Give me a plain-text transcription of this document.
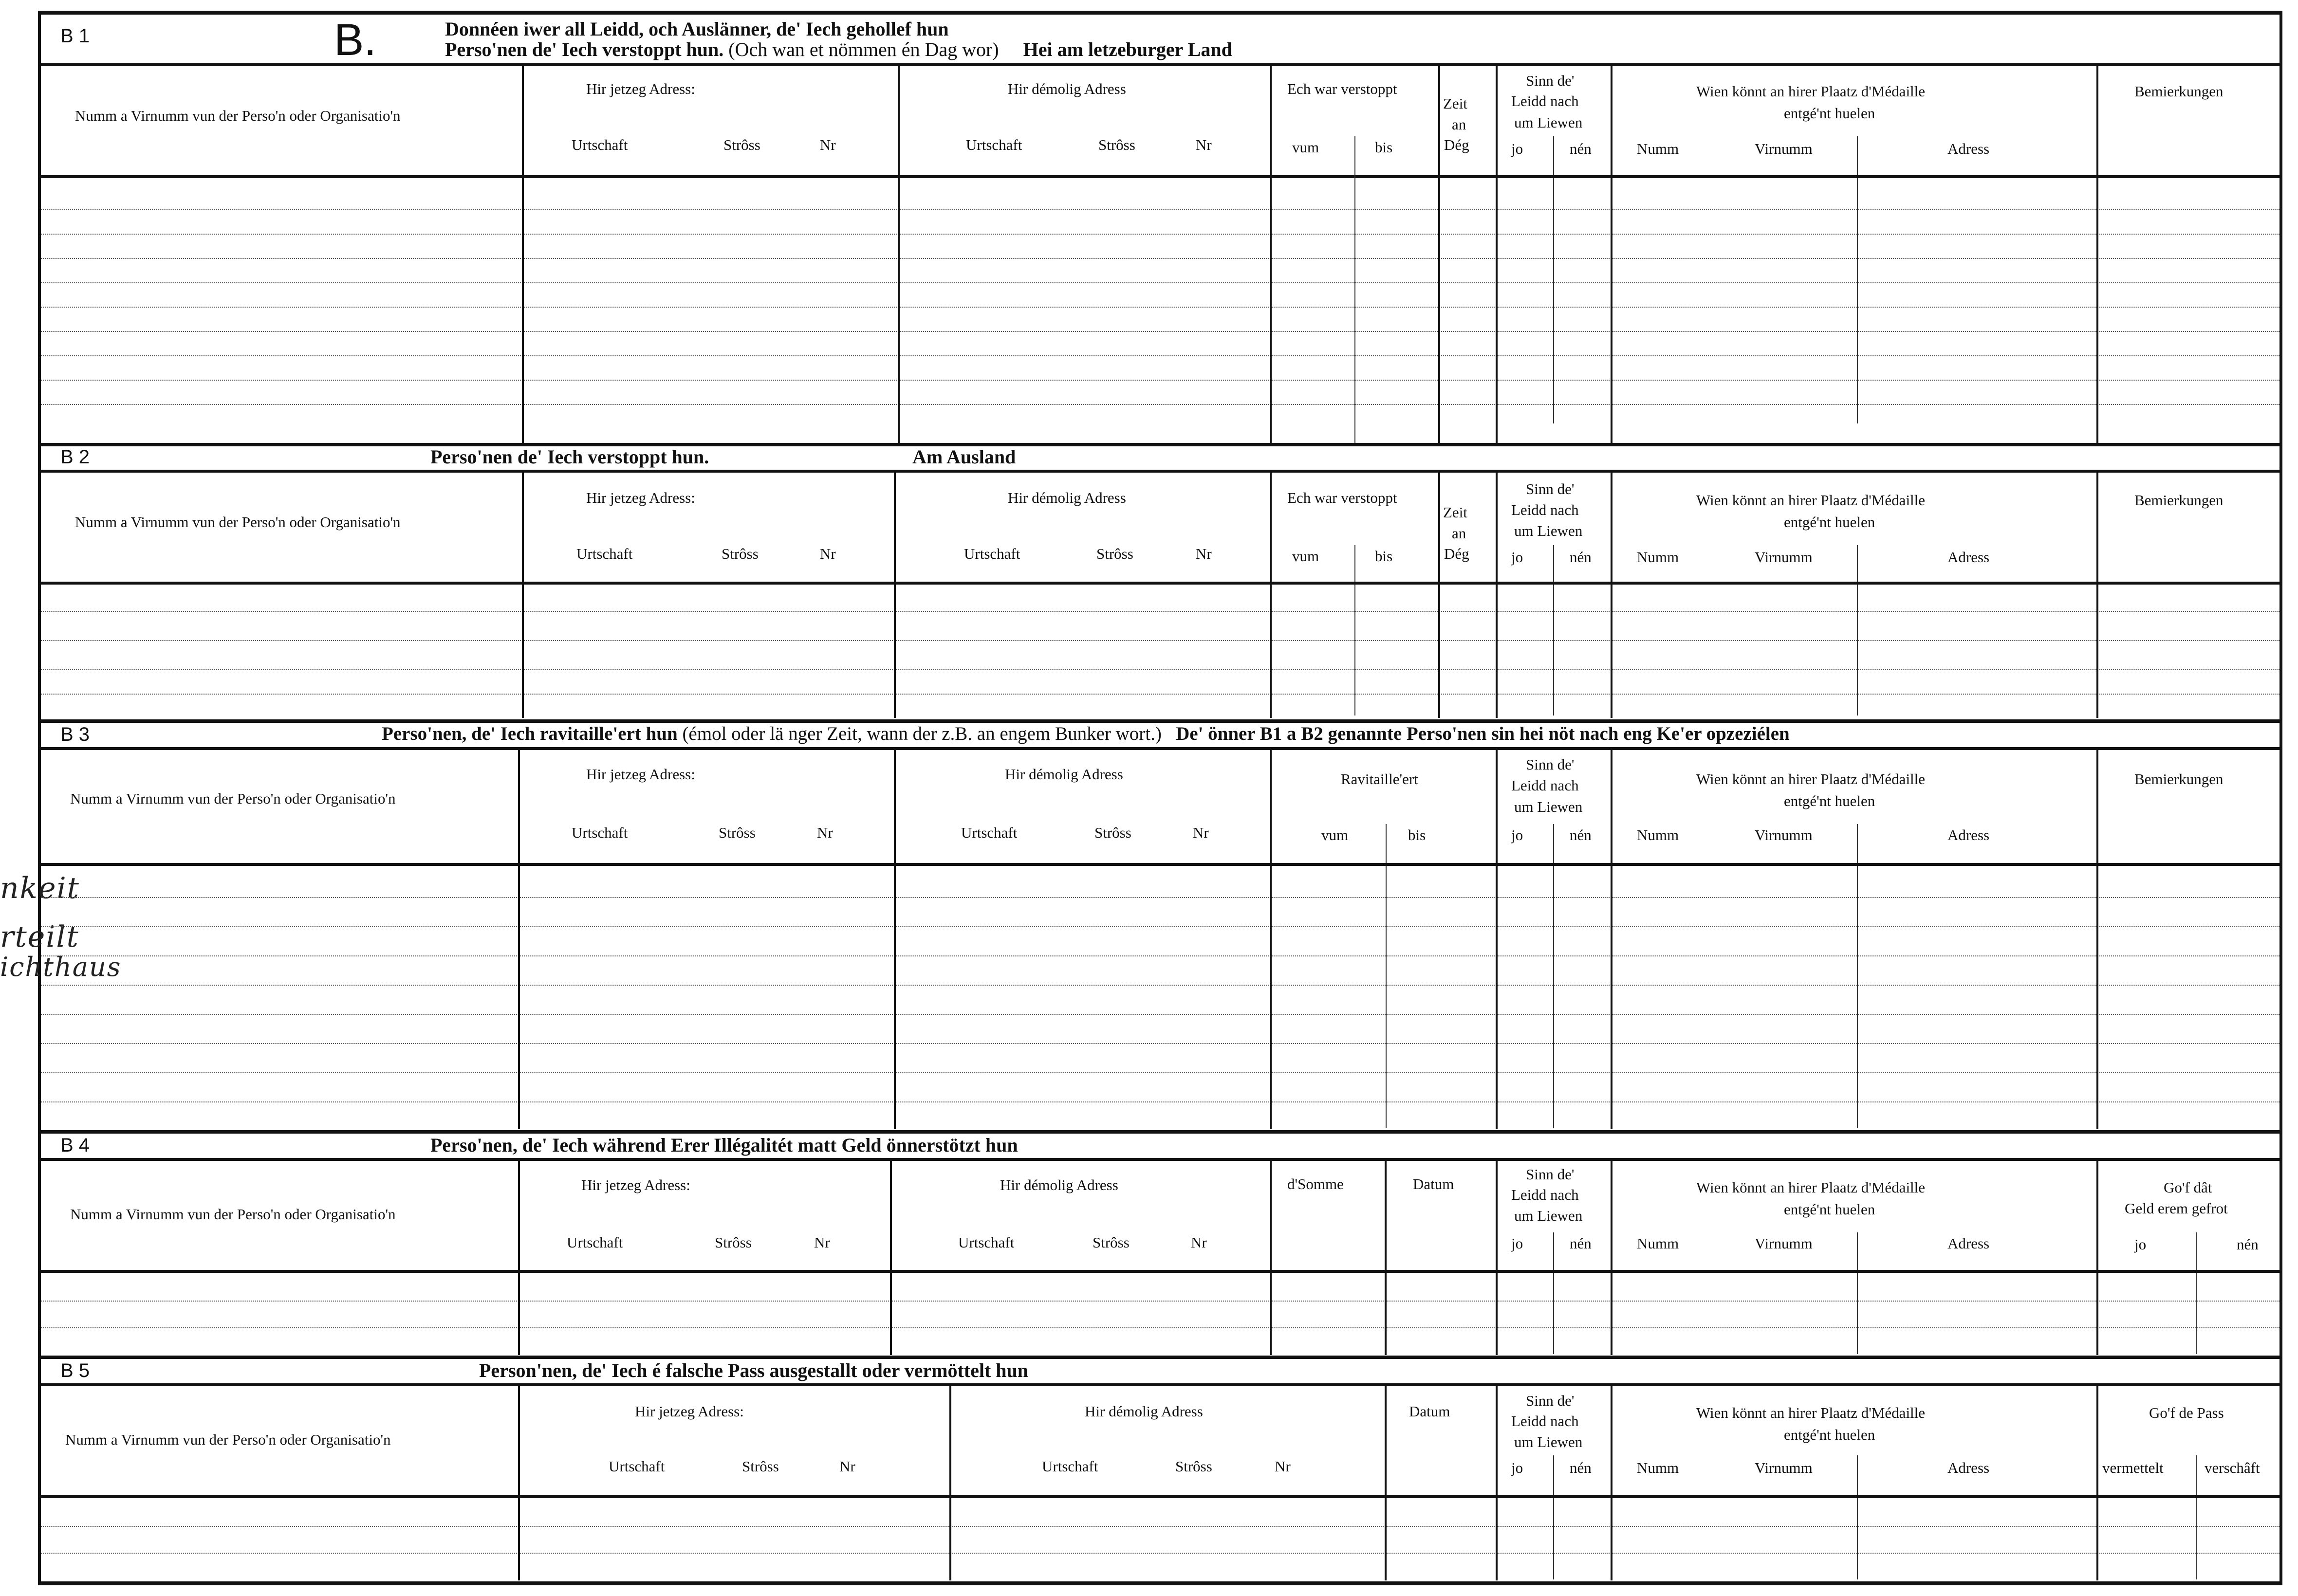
nkeit
rteilt
ichthaus
B 1	B.	Donnéen iwer all Leidd, och Auslänner, de' Iech gehollef hun
Perso'nen de' Iech verstoppt hun. (Och wan et nömmen én Dag wor) Hei am letzeburger Land
Numm a Virnumm vun der Perso'n oder Organisatio'n
Hir jetzeg Adress:
Urtschaft	Strôss	Nr
Hir démolig Adress
Urtschaft	Strôss	Nr
Ech war verstoppt
vum	bis
Zeit
an
Dég
Sinn de'
Leidd nach
um Liewen
jo	nén
Wien könnt an hirer Plaatz d'Médaille
entgé'nt huelen
Numm	Virnumm	Adress
Bemierkungen
B 2	Perso'nen de' Iech verstoppt hun.	Am Ausland
Numm a Virnumm vun der Perso'n oder Organisatio'n
Hir jetzeg Adress:
Urtschaft	Strôss	Nr
Hir démolig Adress
Urtschaft	Strôss	Nr
Ech war verstoppt
vum	bis
Zeit
an
Dég
Sinn de'
Leidd nach
um Liewen
jo	nén
Wien könnt an hirer Plaatz d'Médaille
entgé'nt huelen
Numm	Virnumm	Adress
Bemierkungen
B 3	Perso'nen, de' Iech ravitaille'ert hun (émol oder lä nger Zeit, wann der z.B. an engem Bunker wort.) De' önner B1 a B2 genannte Perso'nen sin hei nöt nach eng Ke'er opzeziélen
Numm a Virnumm vun der Perso'n oder Organisatio'n
Hir jetzeg Adress:
Urtschaft	Strôss	Nr
Hir démolig Adress
Urtschaft	Strôss	Nr
Ravitaille'ert
vum	bis
Sinn de'
Leidd nach
um Liewen
jo	nén
Wien könnt an hirer Plaatz d'Médaille
entgé'nt huelen
Numm	Virnumm	Adress
Bemierkungen
B 4	Perso'nen, de' Iech während Erer Illégalitét matt Geld önnerstötzt hun
Numm a Virnumm vun der Perso'n oder Organisatio'n
Hir jetzeg Adress:
Urtschaft	Strôss	Nr
Hir démolig Adress
Urtschaft	Strôss	Nr
d'Somme	Datum
Sinn de'
Leidd nach
um Liewen
jo	nén
Wien könnt an hirer Plaatz d'Médaille
entgé'nt huelen
Numm	Virnumm	Adress
Go'f dât
Geld erem gefrot
jo	nén
B 5	Person'nen, de' Iech é falsche Pass ausgestallt oder vermöttelt hun
Numm a Virnumm vun der Perso'n oder Organisatio'n
Hir jetzeg Adress:
Urtschaft	Strôss	Nr
Hir démolig Adress
Urtschaft	Strôss	Nr
Datum
Sinn de'
Leidd nach
um Liewen
jo	nén
Wien könnt an hirer Plaatz d'Médaille
entgé'nt huelen
Numm	Virnumm	Adress
Go'f de Pass
vermettelt	verschâft
